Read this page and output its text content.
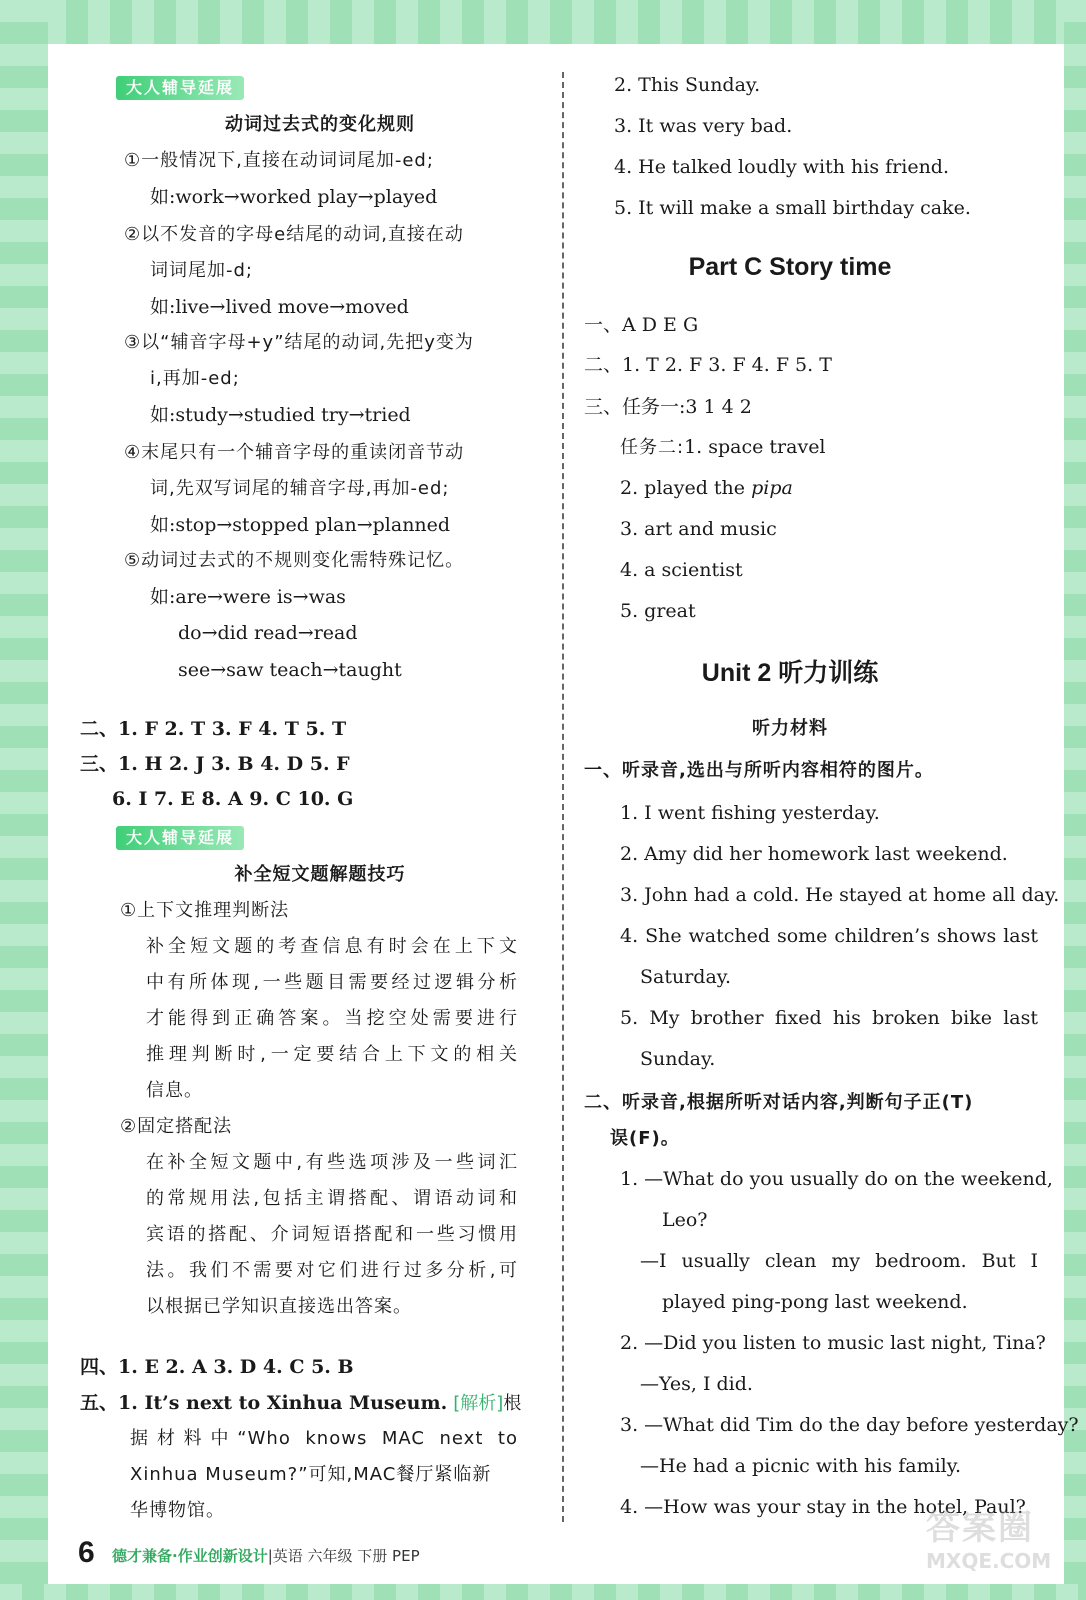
大人辅导延展
动词过去式的变化规则
①一般情况下,直接在动词词尾加-ed;
如:work→worked play→played
②以不发音的字母e结尾的动词,直接在动
词词尾加-d;
如:live→lived move→moved
③以“辅音字母+y”结尾的动词,先把y变为
i,再加-ed;
如:study→studied try→tried
④末尾只有一个辅音字母的重读闭音节动
词,先双写词尾的辅音字母,再加-ed;
如:stop→stopped plan→planned
⑤动词过去式的不规则变化需特殊记忆。
如:are→were is→was
do→did read→read
see→saw teach→taught
二、1. F 2. T 3. F 4. T 5. T
三、1. H 2. J 3. B 4. D 5. F
6. I 7. E 8. A 9. C 10. G
大人辅导延展
补全短文题解题技巧
①上下文推理判断法
补全短文题的考查信息有时会在上下文
中有所体现,一些题目需要经过逻辑分析
才能得到正确答案。当挖空处需要进行
推理判断时,一定要结合上下文的相关
信息。
②固定搭配法
在补全短文题中,有些选项涉及一些词汇
的常规用法,包括主谓搭配、谓语动词和
宾语的搭配、介词短语搭配和一些习惯用
法。我们不需要对它们进行过多分析,可
以根据已学知识直接选出答案。
四、1. E 2. A 3. D 4. C 5. B
五、1. It’s next to Xinhua Museum. [解析]根
据材料中“Who knows MAC next to
Xinhua Museum?”可知,MAC餐厅紧临新
华博物馆。
2. This Sunday.
3. It was very bad.
4. He talked loudly with his friend.
5. It will make a small birthday cake.
Part C Story time
一、A D E G
二、1. T 2. F 3. F 4. F 5. T
三、任务一:3 1 4 2
任务二:1. space travel
2. played the pipa
3. art and music
4. a scientist
5. great
Unit 2 听力训练
听力材料
一、听录音,选出与所听内容相符的图片。
1. I went fishing yesterday.
2. Amy did her homework last weekend.
3. John had a cold. He stayed at home all day.
4. She watched some children’s shows last
Saturday.
5. My brother fixed his broken bike last
Sunday.
二、听录音,根据所听对话内容,判断句子正(T)
误(F)。
1. —What do you usually do on the weekend,
Leo?
—I usually clean my bedroom. But I
played ping-pong last weekend.
2. —Did you listen to music last night, Tina?
—Yes, I did.
3. —What did Tim do the day before yesterday?
—He had a picnic with his family.
4. —How was your stay in the hotel, Paul?
6 德才兼备·作业创新设计|英语 六年级 下册 PEP
答案圈
MXQE.COM
